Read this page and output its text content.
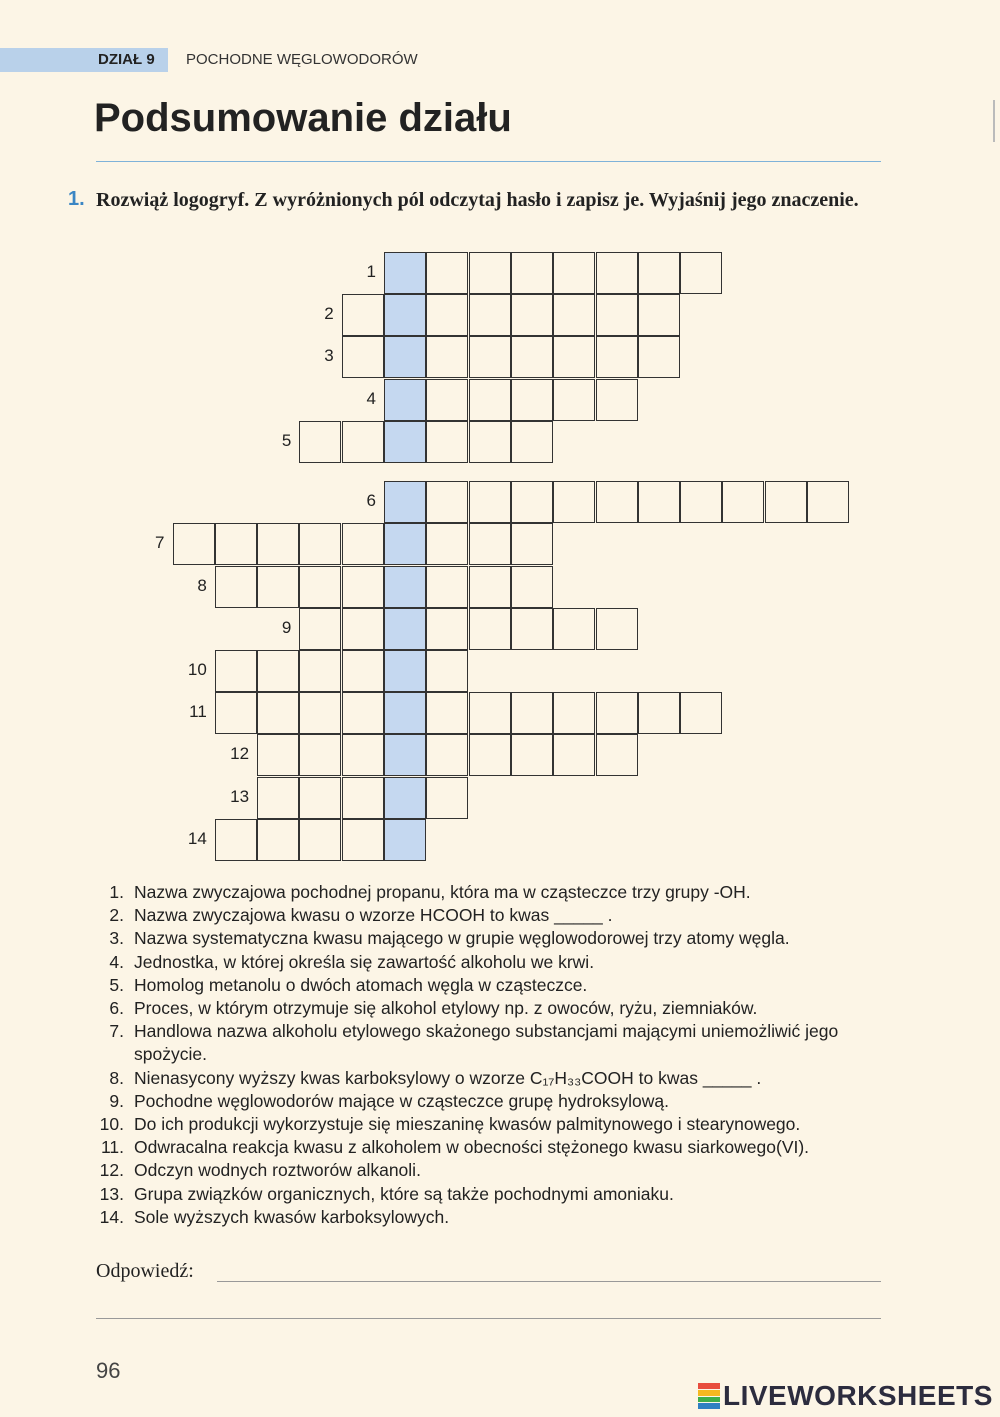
DZIAŁ 9 POCHODNE WĘGLOWODORÓW
Podsumowanie działu
1. Rozwiąż logogryf. Z wyróżnionych pól odczytaj hasło i zapisz je. Wyjaśnij jego znaczenie.
1
2
3
4
5
6
7
8
9
10
11
12
13
14
1. Nazwa zwyczajowa pochodnej propanu, która ma w cząsteczce trzy grupy -OH.
2. Nazwa zwyczajowa kwasu o wzorze HCOOH to kwas _____ .
3. Nazwa systematyczna kwasu mającego w grupie węglowodorowej trzy atomy węgla.
4. Jednostka, w której określa się zawartość alkoholu we krwi.
5. Homolog metanolu o dwóch atomach węgla w cząsteczce.
6. Proces, w którym otrzymuje się alkohol etylowy np. z owoców, ryżu, ziemniaków.
7. Handlowa nazwa alkoholu etylowego skażonego substancjami mającymi uniemożliwić jego spożycie.
8. Nienasycony wyższy kwas karboksylowy o wzorze C₁₇H₃₃COOH to kwas _____ .
9. Pochodne węglowodorów mające w cząsteczce grupę hydroksylową.
10. Do ich produkcji wykorzystuje się mieszaninę kwasów palmitynowego i stearynowego.
11. Odwracalna reakcja kwasu z alkoholem w obecności stężonego kwasu siarkowego(VI).
12. Odczyn wodnych roztworów alkanoli.
13. Grupa związków organicznych, które są także pochodnymi amoniaku.
14. Sole wyższych kwasów karboksylowych.
Odpowiedź:
96
LIVEWORKSHEETS
